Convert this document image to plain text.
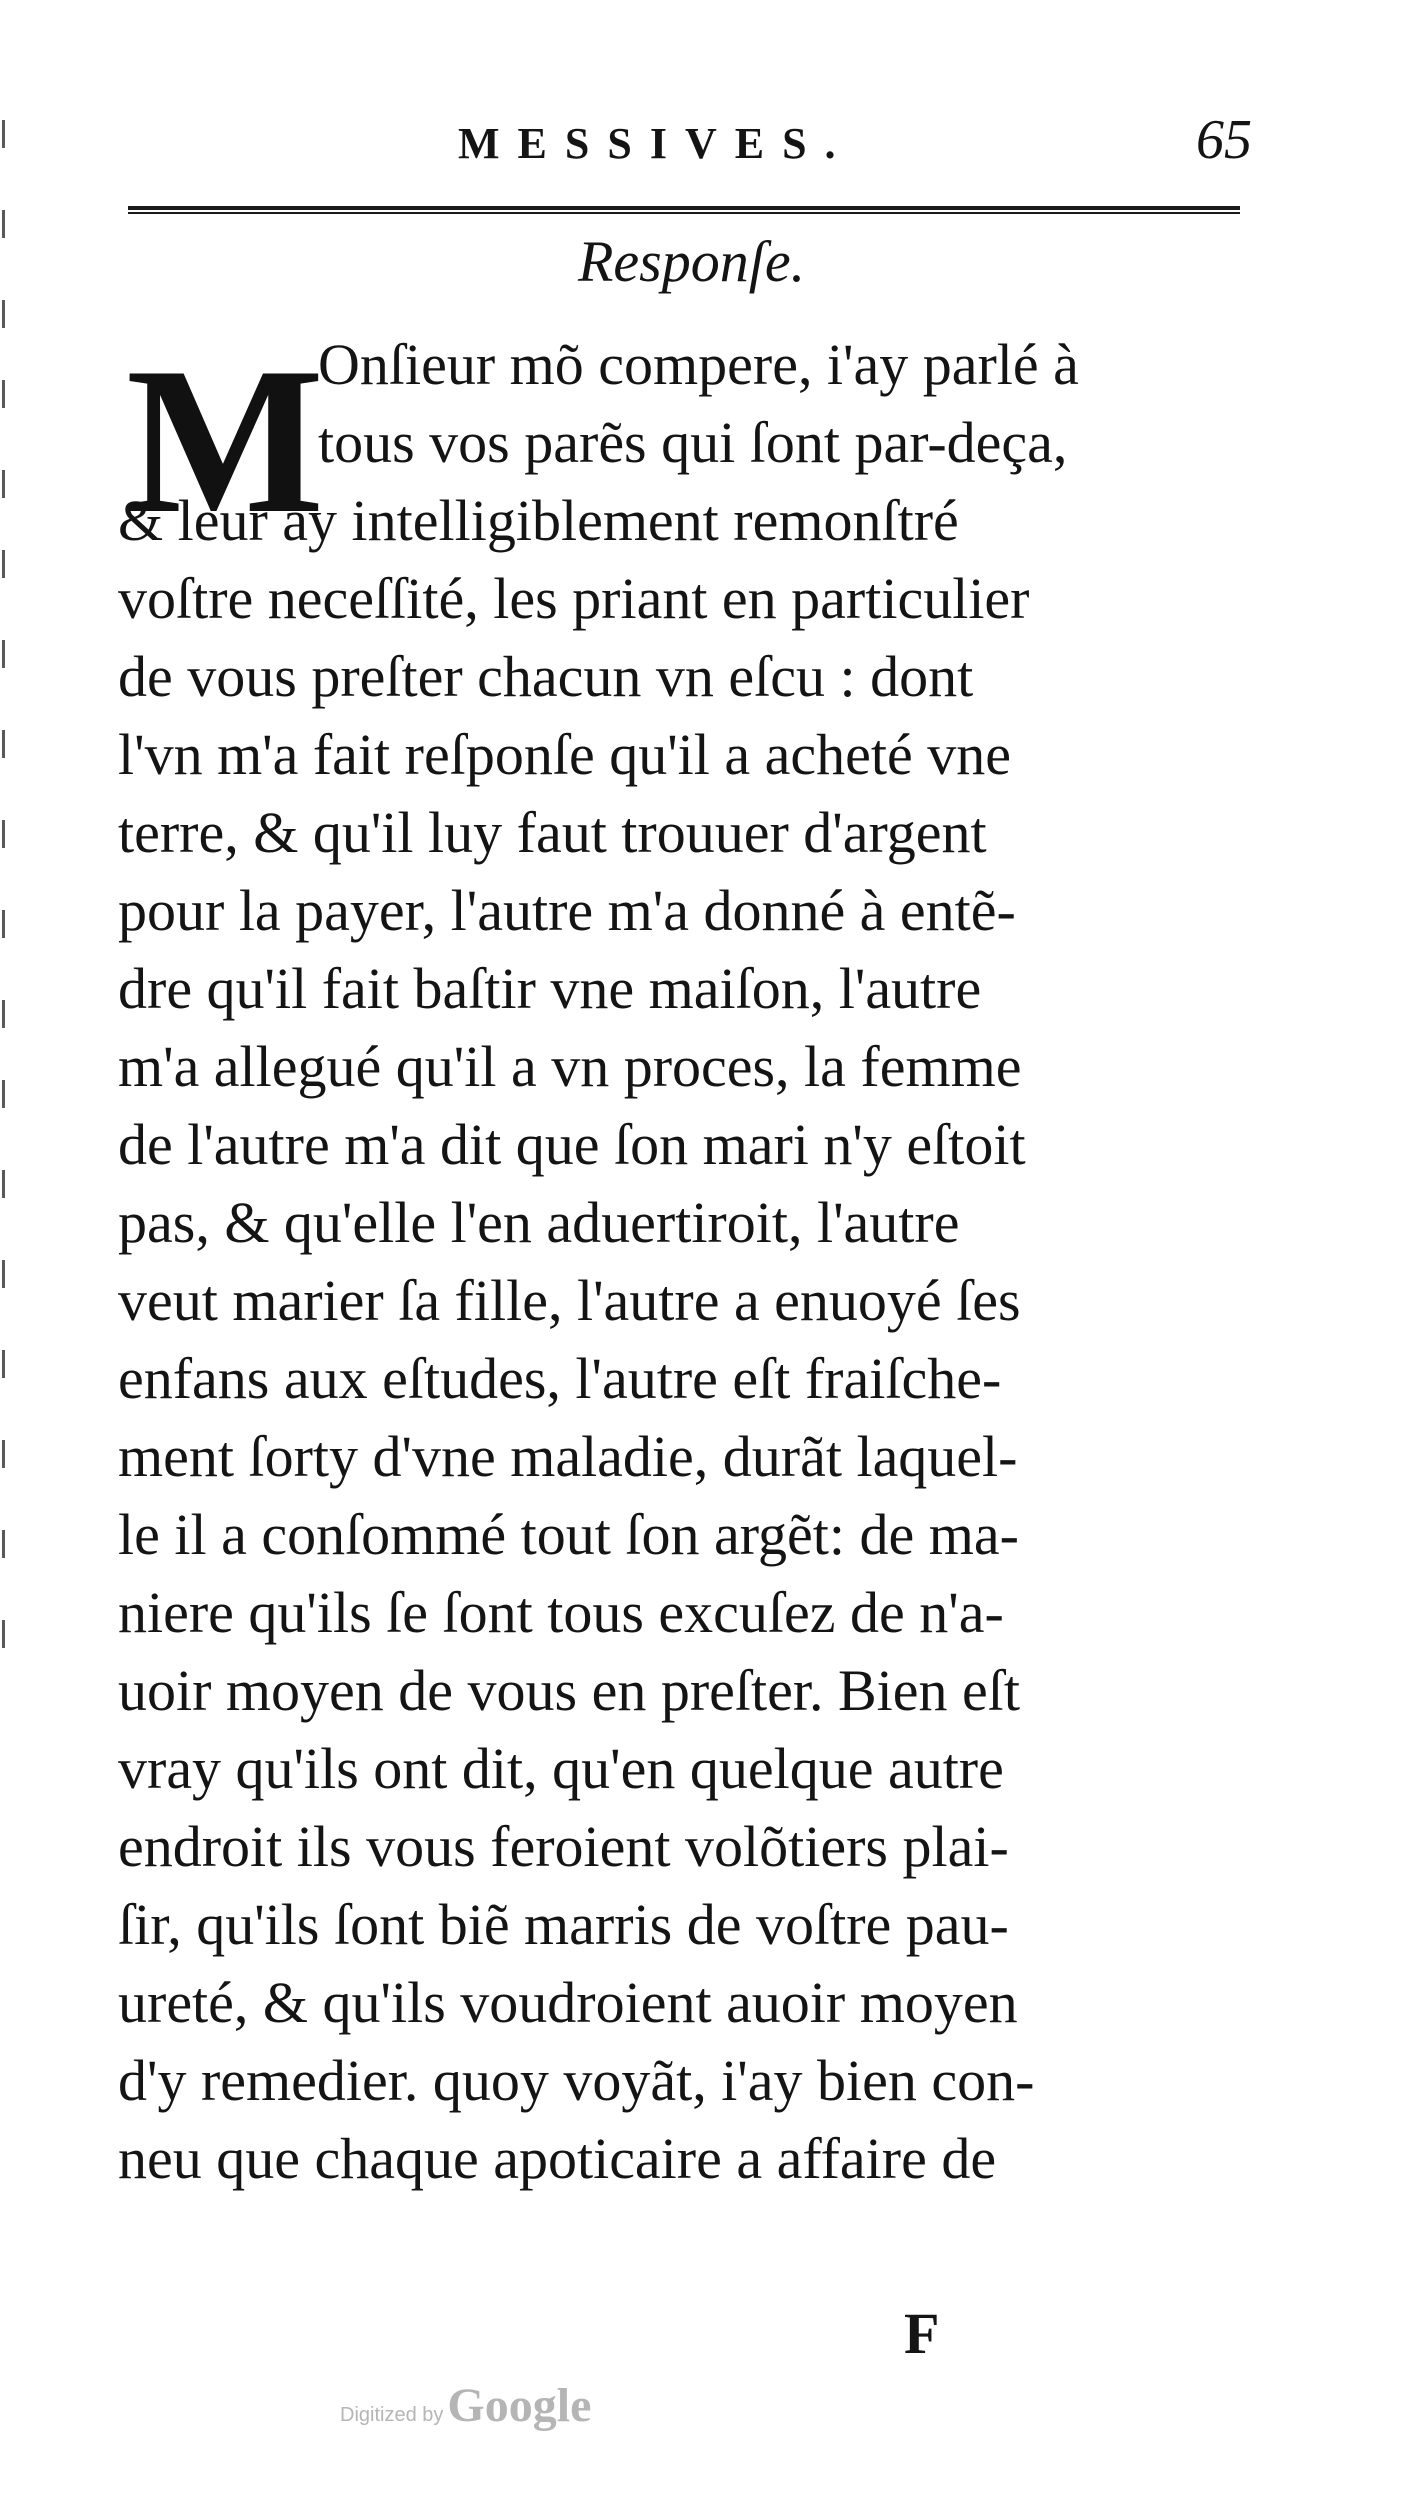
MESSIVES.	65
Responſe.
M
Onſieur mõ compere, i'ay parlé à
tous vos parẽs qui ſont par-deça,
& leur ay intelligiblement remonſtré
voſtre neceſſité, les priant en particulier
de vous preſter chacun vn eſcu : dont
l'vn m'a fait reſponſe qu'il a acheté vne
terre, & qu'il luy faut trouuer d'argent
pour la payer, l'autre m'a donné à entẽ-
dre qu'il fait baſtir vne maiſon, l'autre
m'a allegué qu'il a vn proces, la femme
de l'autre m'a dit que ſon mari n'y eſtoit
pas, & qu'elle l'en aduertiroit, l'autre
veut marier ſa fille, l'autre a enuoyé ſes
enfans aux eſtudes, l'autre eſt fraiſche-
ment ſorty d'vne maladie, durãt laquel-
le il a conſommé tout ſon argẽt: de ma-
niere qu'ils ſe ſont tous excuſez de n'a-
uoir moyen de vous en preſter. Bien eſt
vray qu'ils ont dit, qu'en quelque autre
endroit ils vous feroient volõtiers plai-
ſir, qu'ils ſont biẽ marris de voſtre pau-
ureté, & qu'ils voudroient auoir moyen
d'y remedier. quoy voyãt, i'ay bien con-
neu que chaque apoticaire a affaire de
F
Digitized by Google
